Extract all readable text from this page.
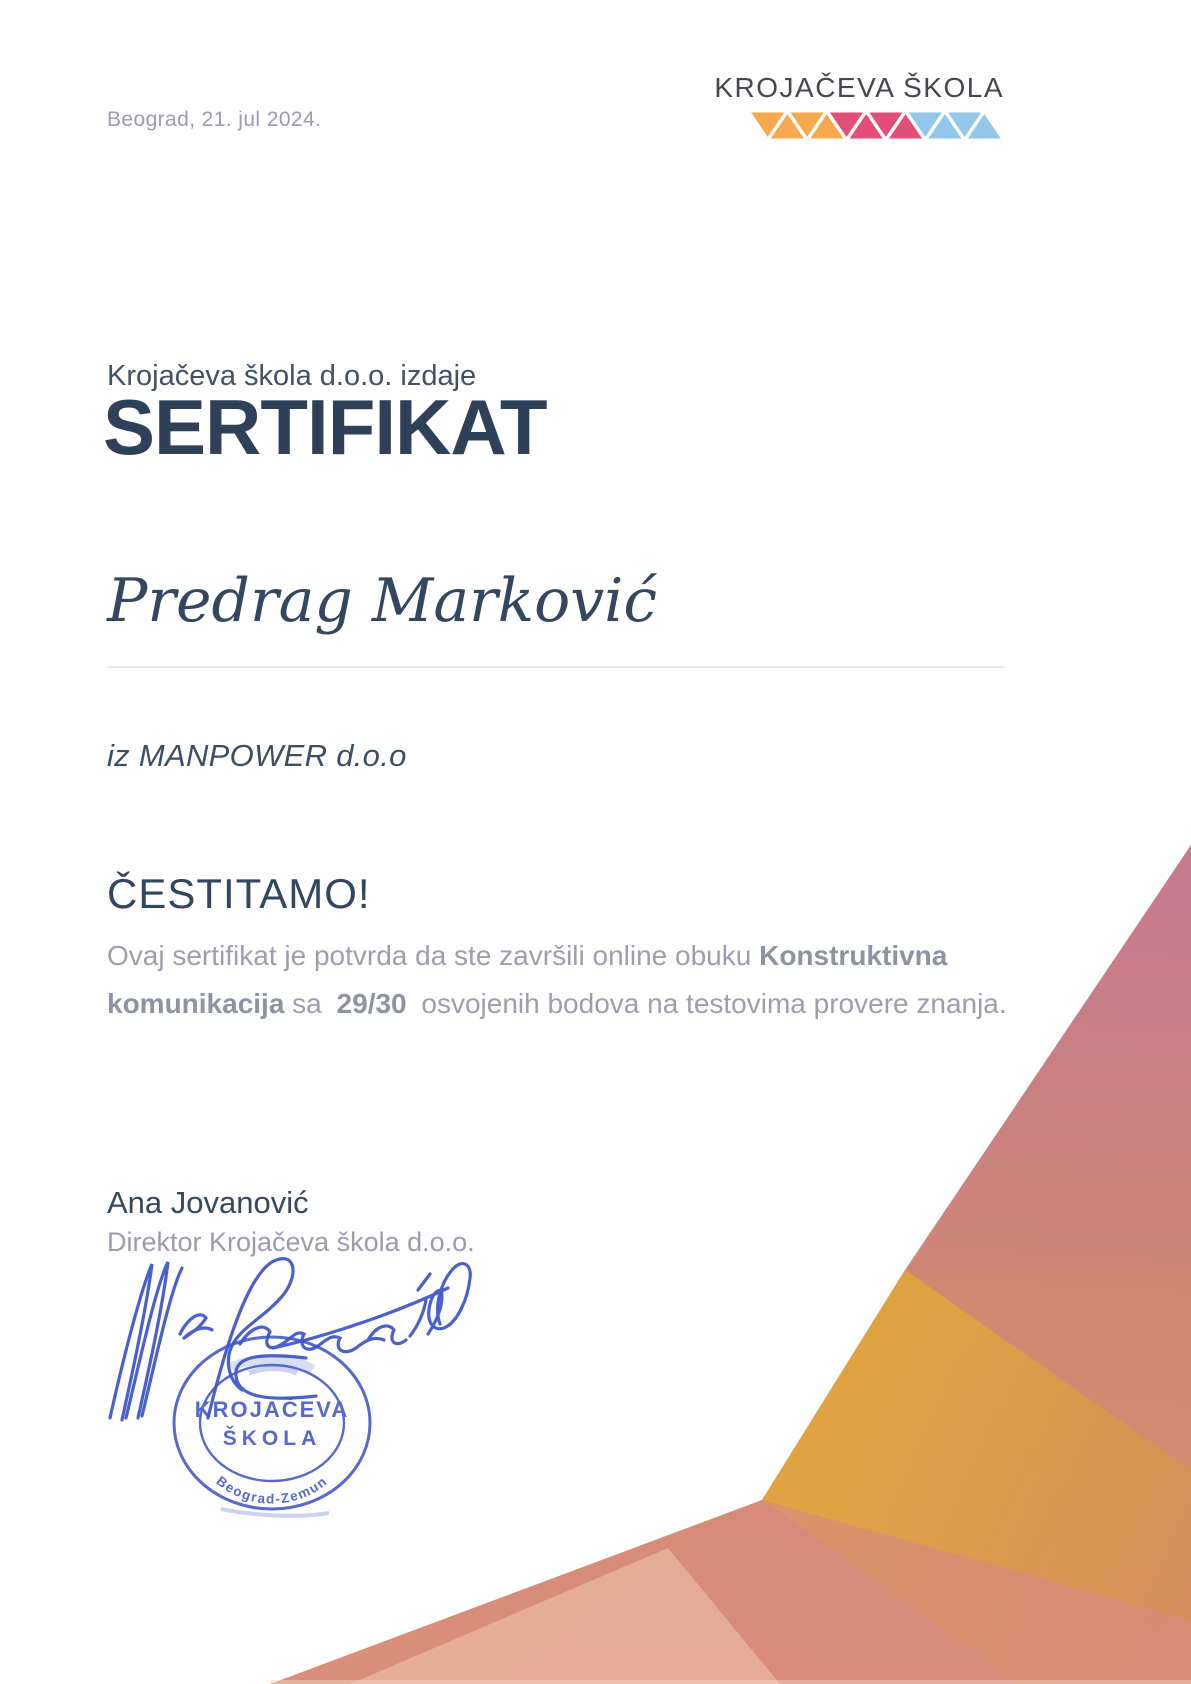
Beograd, 21. jul 2024.
KROJAČEVA ŠKOLA
Krojačeva škola d.o.o. izdaje
SERTIFIKAT
Predrag Marković
iz MANPOWER d.o.o
ČESTITAMO!
Ovaj sertifikat je potvrda da ste završili online obuku Konstruktivna komunikacija sa 29/30 osvojenih bodova na testovima provere znanja.
Ana Jovanović
Direktor Krojačeva škola d.o.o.
KROJAČEVA
ŠKOLA
Beograd-Zemun
